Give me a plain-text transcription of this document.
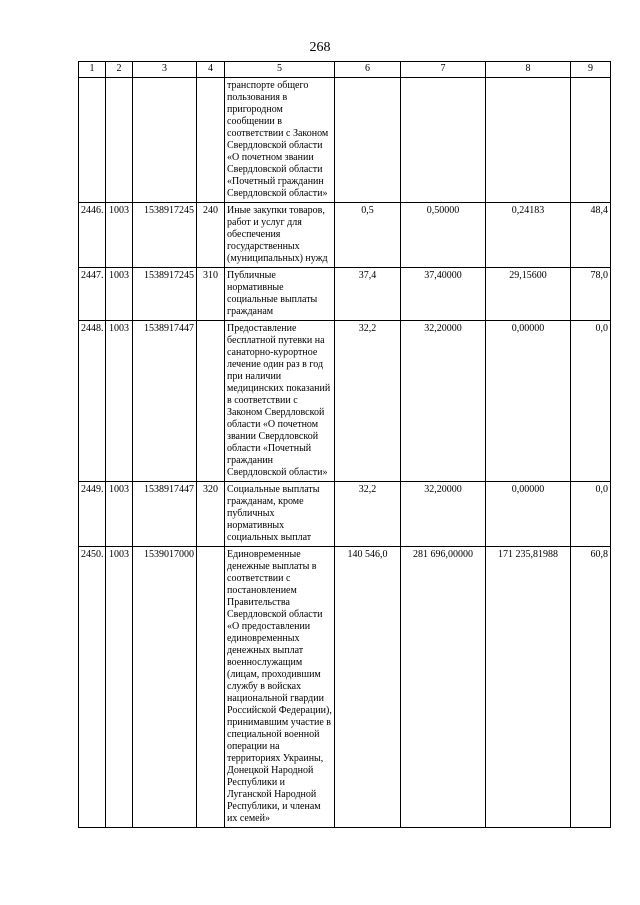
268
1	2	3	4	5	6	7	8	9
				транспорте общего пользования в пригородном сообщении в соответствии с Законом Свердловской области «О почетном звании Свердловской области «Почетный гражданин Свердловской области»				
2446.	1003	1538917245	240	Иные закупки товаров, работ и услуг для обеспечения государственных (муниципальных) нужд	0,5	0,50000	0,24183	48,4
2447.	1003	1538917245	310	Публичные нормативные социальные выплаты гражданам	37,4	37,40000	29,15600	78,0
2448.	1003	1538917447		Предоставление бесплатной путевки на санаторно-курортное лечение один раз в год при наличии медицинских показаний в соответствии с Законом Свердловской области «О почетном звании Свердловской области «Почетный гражданин Свердловской области»	32,2	32,20000	0,00000	0,0
2449.	1003	1538917447	320	Социальные выплаты гражданам, кроме публичных нормативных социальных выплат	32,2	32,20000	0,00000	0,0
2450.	1003	1539017000		Единовременные денежные выплаты в соответствии с постановлением Правительства Свердловской области «О предоставлении единовременных денежных выплат военнослужащим (лицам, проходившим службу в войсках национальной гвардии Российской Федерации), принимавшим участие в специальной военной операции на территориях Украины, Донецкой Народной Республики и Луганской Народной Республики, и членам их семей»	140 546,0	281 696,00000	171 235,81988	60,8
